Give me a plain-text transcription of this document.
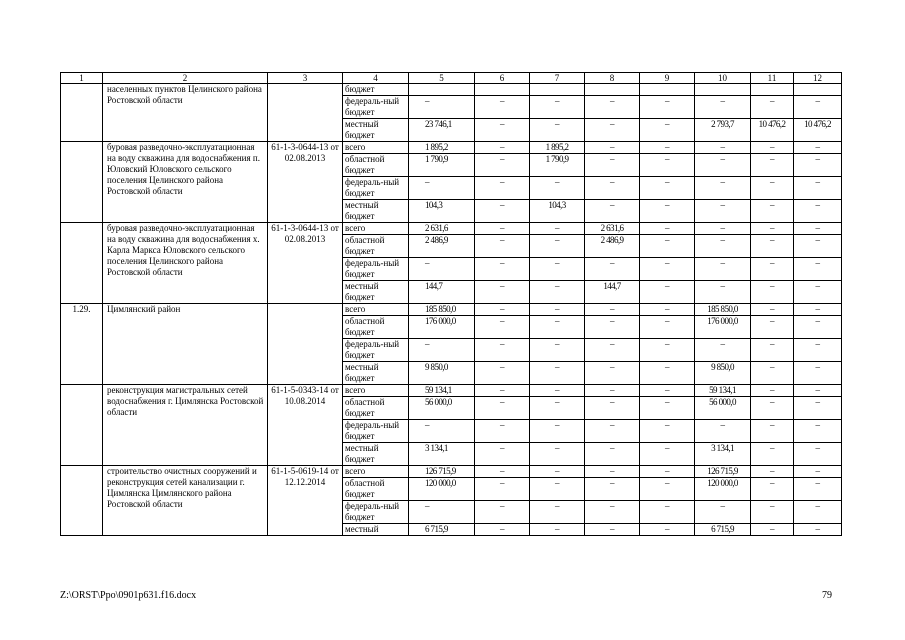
1	2	3	4	5	6	7	8	9	10	11	12
	населенных пунктов Целинского района Ростовской области		бюджет								
			федераль-ный бюджет	–	–	–	–	–	–	–	–
			местный бюджет	23 746,1	–	–	–	–	2 793,7	10 476,2	10 476,2
	буровая разведочно-эксплуатационная на воду скважина для водоснабжения п. Юловский Юловского сельского поселения Целинского района Ростовской области	61-1-3-0644-13 от 02.08.2013	всего	1 895,2	–	1 895,2	–	–	–	–	–
			областной бюджет	1 790,9	–	1 790,9	–	–	–	–	–
			федераль-ный бюджет	–	–	–	–	–	–	–	–
			местный бюджет	104,3	–	104,3	–	–	–	–	–
	буровая разведочно-эксплуатационная на воду скважина для водоснабжения х. Карла Маркса Юловского сельского поселения Целинского района Ростовской области	61-1-3-0644-13 от 02.08.2013	всего	2 631,6	–	–	2 631,6	–	–	–	–
			областной бюджет	2 486,9	–	–	2 486,9	–	–	–	–
			федераль-ный бюджет	–	–	–	–	–	–	–	–
			местный бюджет	144,7	–	–	144,7	–	–	–	–
1.29.	Цимлянский район		всего	185 850,0	–	–	–	–	185 850,0	–	–
			областной бюджет	176 000,0	–	–	–	–	176 000,0	–	–
			федераль-ный бюджет	–	–	–	–	–	–	–	–
			местный бюджет	9 850,0	–	–	–	–	9 850,0	–	–
	реконструкция магистральных сетей водоснабжения г. Цимлянска Ростовской области	61-1-5-0343-14 от 10.08.2014	всего	59 134,1	–	–	–	–	59 134,1	–	–
			областной бюджет	56 000,0	–	–	–	–	56 000,0	–	–
			федераль-ный бюджет	–	–	–	–	–	–	–	–
			местный бюджет	3 134,1	–	–	–	–	3 134,1	–	–
	строительство очистных сооружений и реконструкция сетей канализации г. Цимлянска Цимлянского района Ростовской области	61-1-5-0619-14 от 12.12.2014	всего	126 715,9	–	–	–	–	126 715,9	–	–
			областной бюджет	120 000,0	–	–	–	–	120 000,0	–	–
			федераль-ный бюджет	–	–	–	–	–	–	–	–
			местный	6 715,9	–	–	–	–	6 715,9	–	–
Z:\ORST\Ppo\0901p631.f16.docx	79
